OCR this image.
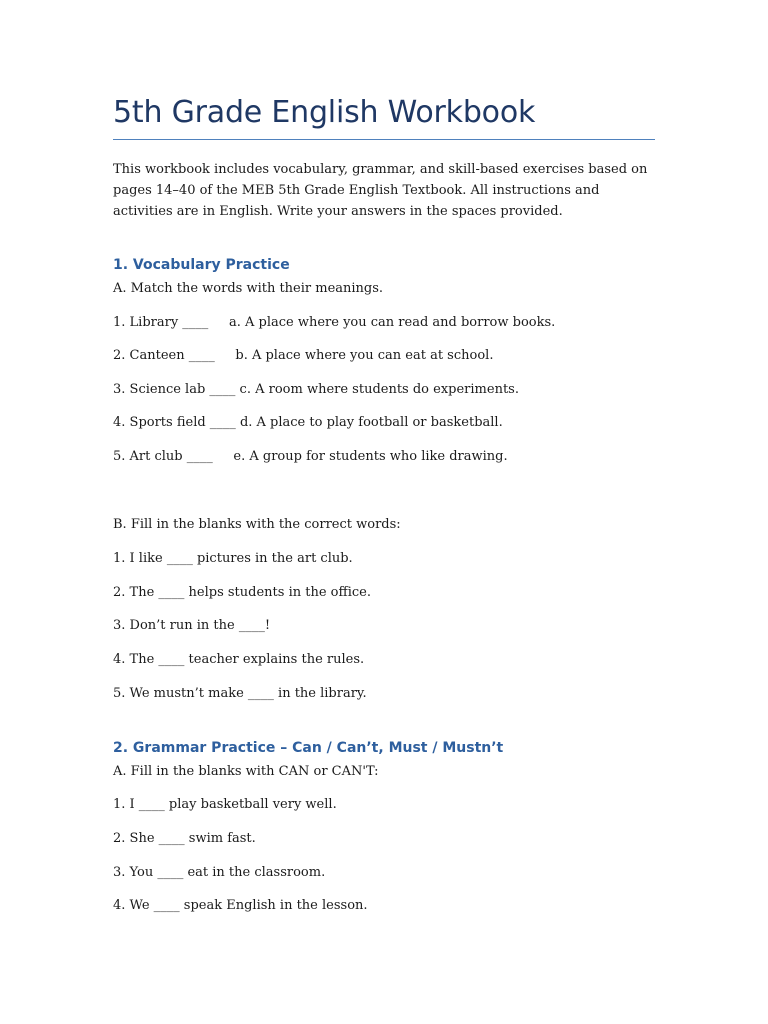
5th Grade English Workbook

This workbook includes vocabulary, grammar, and skill-based exercises based on pages 14–40 of the MEB 5th Grade English Textbook. All instructions and activities are in English. Write your answers in the spaces provided.

1. Vocabulary Practice

A. Match the words with their meanings.

1. Library ____     a. A place where you can read and borrow books.

2. Canteen ____     b. A place where you can eat at school.

3. Science lab ____ c. A room where students do experiments.

4. Sports field ____ d. A place to play football or basketball.

5. Art club ____     e. A group for students who like drawing.

B. Fill in the blanks with the correct words:

1. I like ____ pictures in the art club.

2. The ____ helps students in the office.

3. Don’t run in the ____!

4. The ____ teacher explains the rules.

5. We mustn’t make ____ in the library.

2. Grammar Practice – Can / Can’t, Must / Mustn’t

A. Fill in the blanks with CAN or CAN'T:

1. I ____ play basketball very well.

2. She ____ swim fast.

3. You ____ eat in the classroom.

4. We ____ speak English in the lesson.
